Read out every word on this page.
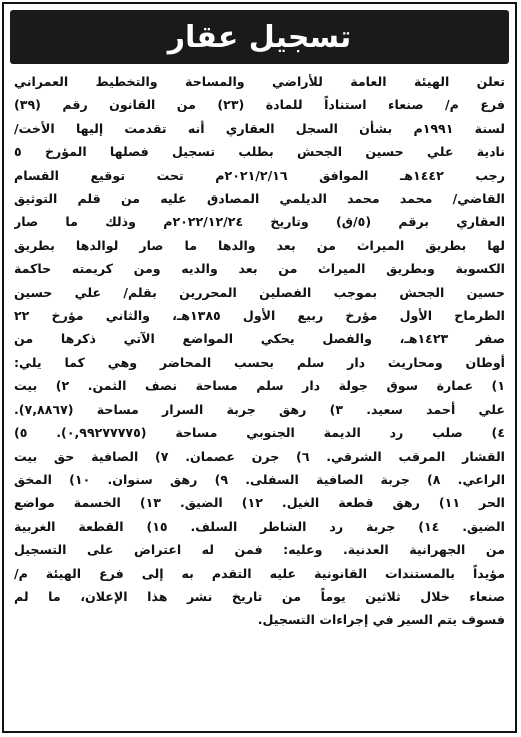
تسجيل عقار
تعلن الهيئة العامة للأراضي والمساحة والتخطيط العمراني
فرع م/ صنعاء استناداً للمادة (٢٣) من القانون رقم (٣٩)
لسنة ١٩٩١م بشأن السجل العقاري أنه تقدمت إليها الأخت/
نادية علي حسين الجحش بطلب تسجيل فصلها المؤرخ ٥
رجب ١٤٤٢هـ الموافق ٢٠٢١/٢/١٦م تحت توقيع القسام
القاضي/ محمد محمد الديلمي المصادق عليه من قلم التوثيق
العقاري برقم (٥/ق) وتاريخ ٢٠٢٢/١٢/٢٤م وذلك ما صار
لها بطريق الميراث من بعد والدها ما صار لوالدها بطريق
الكسوبة وبطريق الميراث من بعد والديه ومن كريمته حاكمة
حسين الجحش بموجب الفصلين المحررين بقلم/ علي حسين
الطرماح الأول مؤرخ ربيع الأول ١٣٨٥هـ، والثاني مؤرخ ٢٢
صفر ١٤٢٣هـ، والفصل يحكي المواضع الآتي ذكرها من
أوطان ومحاريث دار سلم بحسب المحاضر وهي كما يلي:
١) عمارة سوق جولة دار سلم مساحة نصف الثمن. ٢) بيت
علي أحمد سعيد. ٣) رهق جربة السرار مساحة (٧,٨٨٦٧).
٤) صلب رد الديمة الجنوبي مساحة (٠,٩٩٢٧٧٧٧٥). ٥)
القشار المرقب الشرقي. ٦) جرن عصمان. ٧) الصافية حق بيت
الراعي. ٨) جربة الصافية السفلى. ٩) رهق سنوان. ١٠) المخق
الحر ١١) رهق قطعة الغيل. ١٢) الضيق. ١٣) الخسمة مواضع
الضيق. ١٤) جربة رد الشاطر السلف. ١٥) القطعة الغربية
من الجهرانية العدنية. وعليه: فمن له اعتراض على التسجيل
مؤيداً بالمستندات القانونية عليه التقدم به إلى فرع الهيئة م/
صنعاء خلال ثلاثين يوماً من تاريخ نشر هذا الإعلان، ما لم
فسوف يتم السير في إجراءات التسجيل.
